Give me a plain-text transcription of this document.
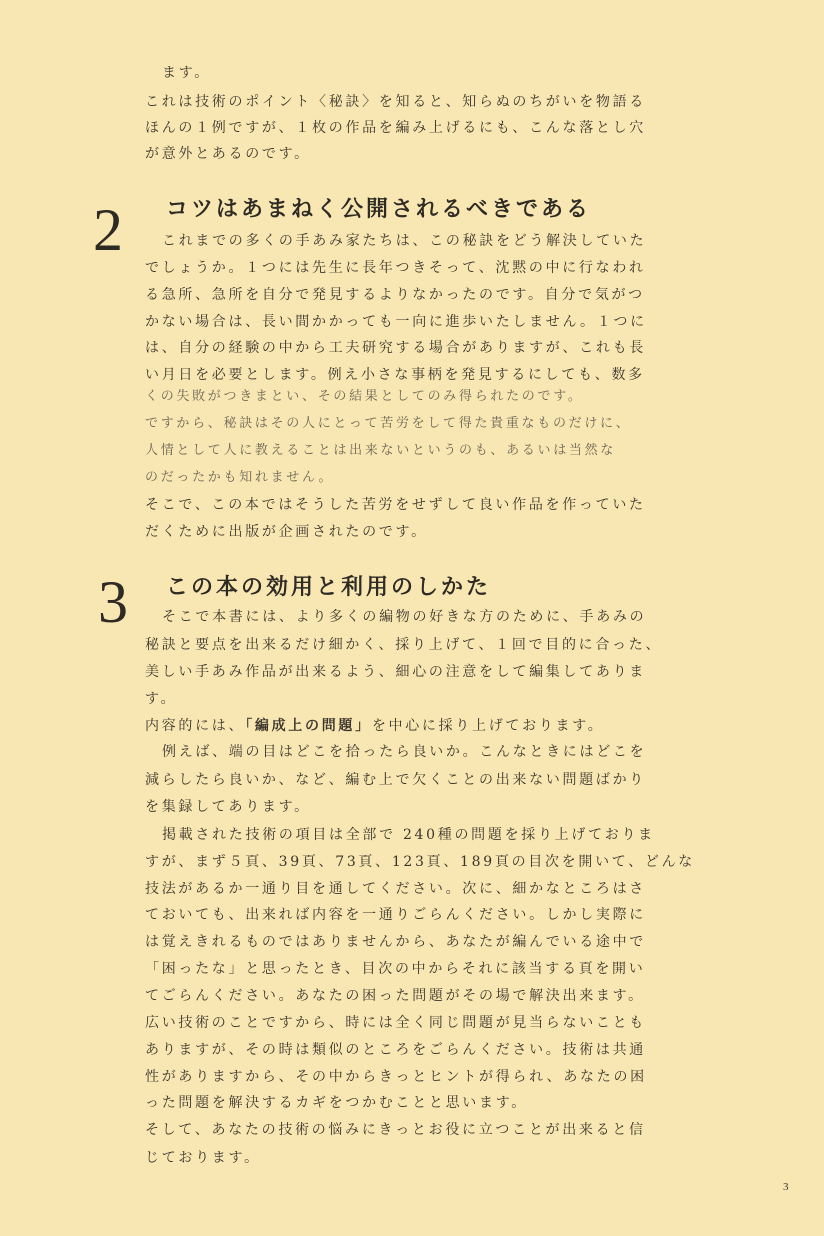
ます。
これは技術のポイント〈秘訣〉を知ると、知らぬのちがいを物語る
ほんの１例ですが、１枚の作品を編み上げるにも、こんな落とし穴
が意外とあるのです。
2 コツはあまねく公開されるべきである
これまでの多くの手あみ家たちは、この秘訣をどう解決していた
でしょうか。１つには先生に長年つきそって、沈黙の中に行なわれ
る急所、急所を自分で発見するよりなかったのです。自分で気がつ
かない場合は、長い間かかっても一向に進歩いたしません。１つに
は、自分の経験の中から工夫研究する場合がありますが、これも長
い月日を必要とします。例え小さな事柄を発見するにしても、数多
くの失敗がつきまとい、その結果としてのみ得られたのです。
ですから、秘訣はその人にとって苦労をして得た貴重なものだけに、
人情として人に教えることは出来ないというのも、あるいは当然な
のだったかも知れません。
そこで、この本ではそうした苦労をせずして良い作品を作っていた
だくために出版が企画されたのです。
3 この本の効用と利用のしかた
そこで本書には、より多くの編物の好きな方のために、手あみの
秘訣と要点を出来るだけ細かく、採り上げて、１回で目的に合った、
美しい手あみ作品が出来るよう、細心の注意をして編集してありま
す。
内容的には、「編成上の問題」を中心に採り上げております。
例えば、端の目はどこを拾ったら良いか。こんなときにはどこを
減らしたら良いか、など、編む上で欠くことの出来ない問題ばかり
を集録してあります。
掲載された技術の項目は全部で 240種の問題を採り上げておりま
すが、まず５頁、39頁、73頁、123頁、189頁の目次を開いて、どんな
技法があるか一通り目を通してください。次に、細かなところはさ
ておいても、出来れば内容を一通りごらんください。しかし実際に
は覚えきれるものではありませんから、あなたが編んでいる途中で
「困ったな」と思ったとき、目次の中からそれに該当する頁を開い
てごらんください。あなたの困った問題がその場で解決出来ます。
広い技術のことですから、時には全く同じ問題が見当らないことも
ありますが、その時は類似のところをごらんください。技術は共通
性がありますから、その中からきっとヒントが得られ、あなたの困
った問題を解決するカギをつかむことと思います。
そして、あなたの技術の悩みにきっとお役に立つことが出来ると信
じております。
3
